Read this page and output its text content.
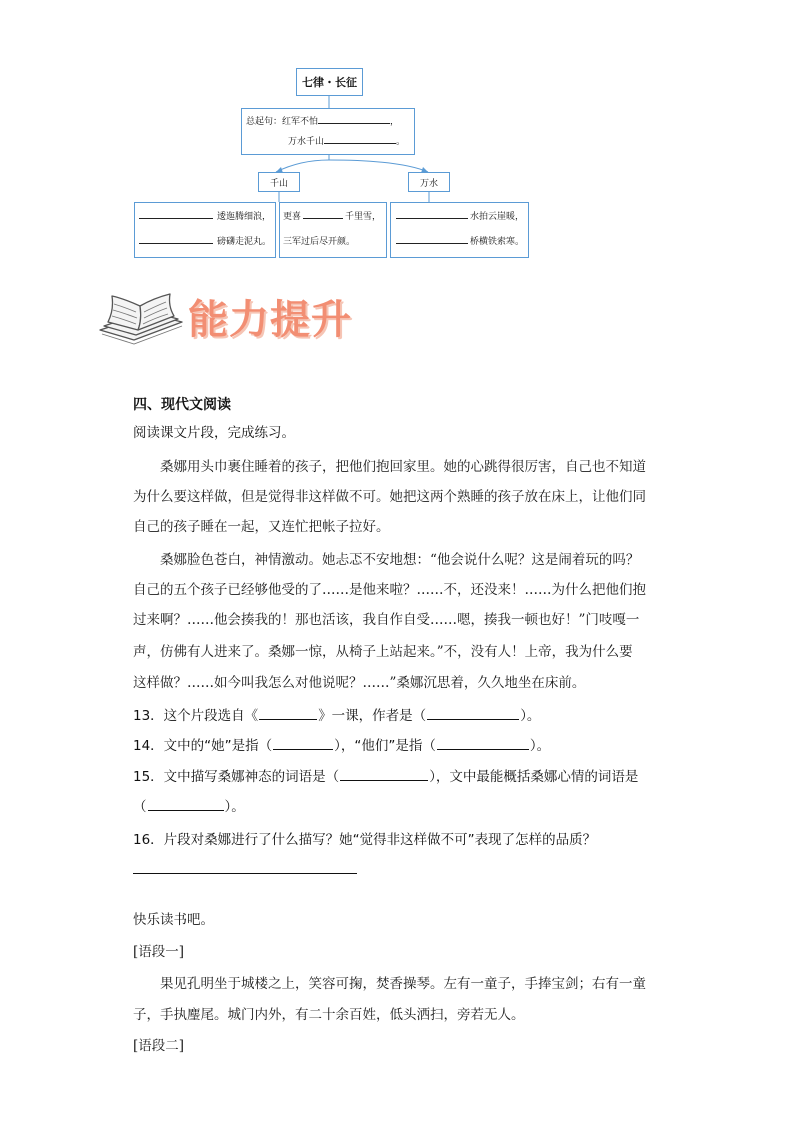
七律・长征
总起句：红军不怕	，
万水千山	。
千山	万水
逶迤腾细浪，
磅礴走泥丸。
更喜	千里雪，
三军过后尽开颜。
水拍云崖暖，
桥横铁索寒。
能力提升
四、现代文阅读
阅读课文片段，完成练习。
桑娜用头巾裹住睡着的孩子，把他们抱回家里。她的心跳得很厉害，自己也不知道
为什么要这样做，但是觉得非这样做不可。她把这两个熟睡的孩子放在床上，让他们同
自己的孩子睡在一起，又连忙把帐子拉好。
桑娜脸色苍白，神情激动。她忐忑不安地想：“他会说什么呢？这是闹着玩的吗？
自己的五个孩子已经够他受的了……是他来啦？……不，还没来！……为什么把他们抱
过来啊？……他会揍我的！那也活该，我自作自受……嗯，揍我一顿也好！”门吱嘎一
声，仿佛有人进来了。桑娜一惊，从椅子上站起来。”不，没有人！上帝，我为什么要
这样做？……如今叫我怎么对他说呢？……”桑娜沉思着，久久地坐在床前。
13．这个片段选自《	》一课，作者是（	）。
14．文中的“她”是指（	），“他们”是指（	）。
15．文中描写桑娜神态的词语是（	），文中最能概括桑娜心情的词语是
（	）。
16．片段对桑娜进行了什么描写？她“觉得非这样做不可”表现了怎样的品质？
快乐读书吧。
[语段一]
果见孔明坐于城楼之上，笑容可掬，焚香操琴。左有一童子，手捧宝剑；右有一童
子，手执麈尾。城门内外，有二十余百姓，低头洒扫，旁若无人。
[语段二]
